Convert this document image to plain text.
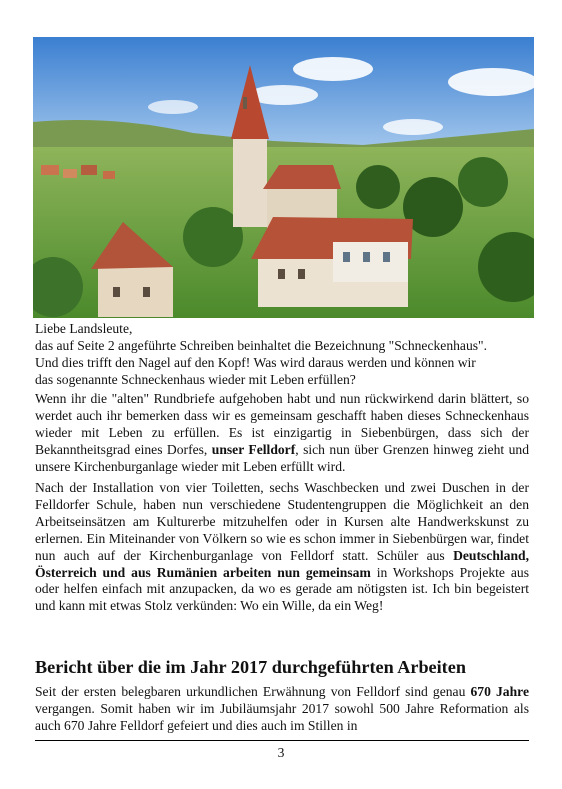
Liebe Landsleute,

das auf Seite 2 angeführte Schreiben beinhaltet die Bezeichnung "Schneckenhaus".

Und dies trifft den Nagel auf den Kopf! Was wird daraus werden und können wir

das sogenannte Schneckenhaus wieder mit Leben erfüllen?

Wenn ihr die "alten" Rundbriefe aufgehoben habt und nun rückwirkend darin blättert, so werdet auch ihr bemerken dass wir es gemeinsam geschafft haben dieses Schneckenhaus wieder mit Leben zu erfüllen. Es ist einzigartig in Siebenbürgen, dass sich der Bekanntheitsgrad eines Dorfes, unser Felldorf, sich nun über Grenzen hinweg zieht und unsere Kirchenburganlage wieder mit Leben erfüllt wird.
Nach der Installation von vier Toiletten, sechs Waschbecken und zwei Duschen in der Felldorfer Schule, haben nun verschiedene Studentengruppen die Möglichkeit an den Arbeitseinsätzen am Kulturerbe mitzuhelfen oder in Kursen alte Handwerkskunst zu erlernen. Ein Miteinander von Völkern so wie es schon immer in Siebenbürgen war, findet nun auch auf der Kirchenburganlage von Felldorf statt. Schüler aus Deutschland, Österreich und aus Rumänien arbeiten nun gemeinsam in Workshops Projekte aus oder helfen einfach mit anzupacken, da wo es gerade am nötigsten ist. Ich bin begeistert und kann mit etwas Stolz verkünden: Wo ein Wille, da ein Weg!
Bericht über die im Jahr 2017 durchgeführten Arbeiten
Seit der ersten belegbaren urkundlichen Erwähnung von Felldorf sind genau 670 Jahre vergangen. Somit haben wir im Jubiläumsjahr 2017 sowohl 500 Jahre Reformation als auch 670 Jahre Felldorf gefeiert und dies auch im Stillen in
3
